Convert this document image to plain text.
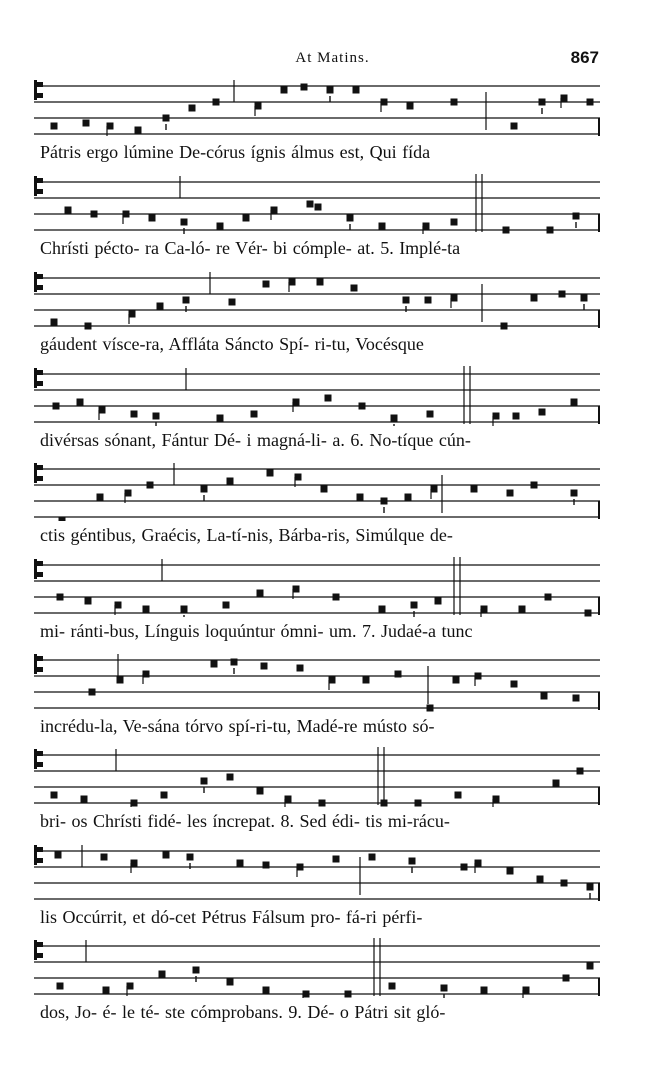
At Matins.	867
Pátris ergo lúmine De-córus ígnis álmus est, Qui fída
Chrísti pécto- ra Ca-ló- re Vér- bi cómple- at. 5. Implé-ta
gáudent vísce-ra, Affláta Sáncto Spí- ri-tu, Vocésque
divérsas sónant, Fántur Dé- i magná-li- a. 6. No-tíque cún-
ctis géntibus, Graécis, La-tí-nis, Bárba-ris, Simúlque de-
mi- ránti-bus, Línguis loquúntur ómni- um. 7. Judaé-a tunc
incrédu-la, Ve-sána tórvo spí-ri-tu, Madé-re músto só-
bri- os Chrísti fidé- les íncrepat. 8. Sed édi- tis mi-rácu-
lis Occúrrit, et dó-cet Pétrus Fálsum pro- fá-ri pérfi-
dos, Jo- é- le té- ste cómprobans. 9. Dé- o Pátri sit gló-
